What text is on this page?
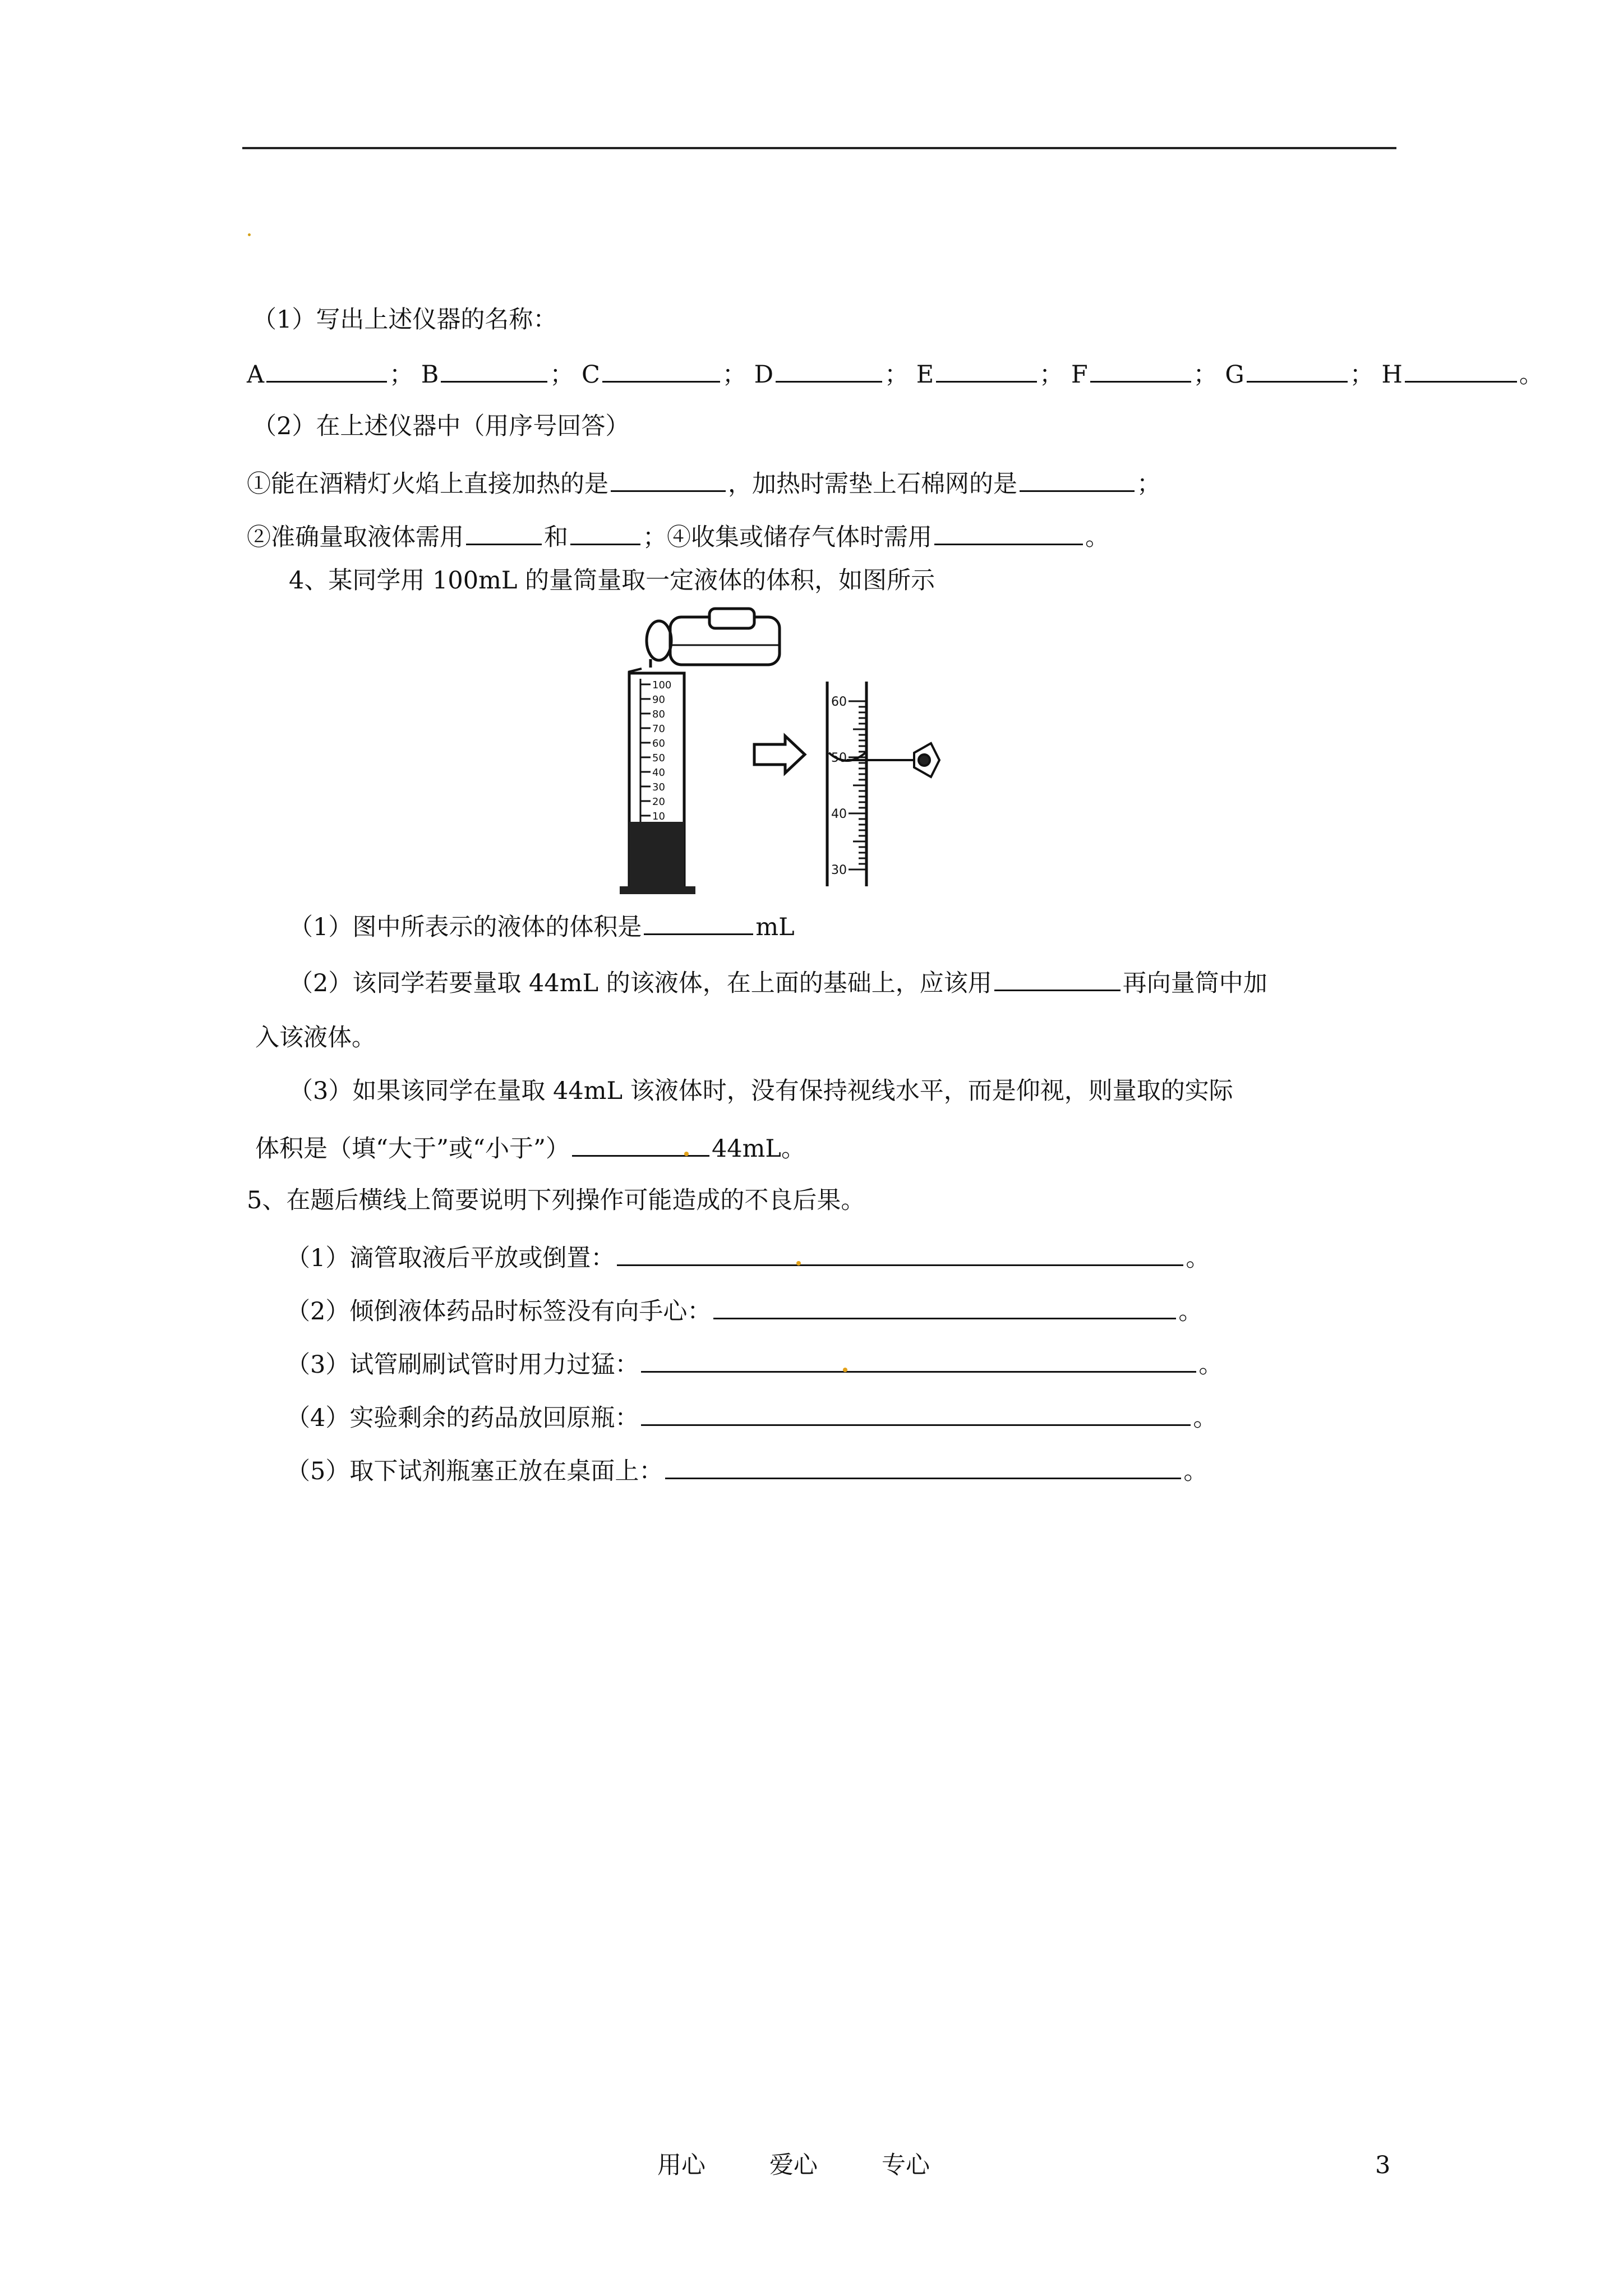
（1）写出上述仪器的名称：
A	； B	； C	； D	； E	； F	； G	； H	。
（2）在上述仪器中（用序号回答）
①能在酒精灯火焰上直接加热的是	，加热时需垫上石棉网的是	；
②准确量取液体需用	和	；④收集或储存气体时需用	。
4、某同学用 100mL 的量筒量取一定液体的体积，如图所示
100
90
80
70
60
50
40
30
20
10
60
50
40
30
（1）图中所表示的液体的体积是	mL
（2）该同学若要量取 44mL 的该液体，在上面的基础上，应该用	再向量筒中加
入该液体。
（3）如果该同学在量取 44mL 该液体时，没有保持视线水平，而是仰视，则量取的实际
体积是（填“大于”或“小于”）	44mL。
5、在题后横线上简要说明下列操作可能造成的不良后果。
（1）滴管取液后平放或倒置：	。
（2）倾倒液体药品时标签没有向手心：	。
（3）试管刷刷试管时用力过猛：	。
（4）实验剩余的药品放回原瓶：	。
（5）取下试剂瓶塞正放在桌面上：	。
用心	爱心	专心	3
